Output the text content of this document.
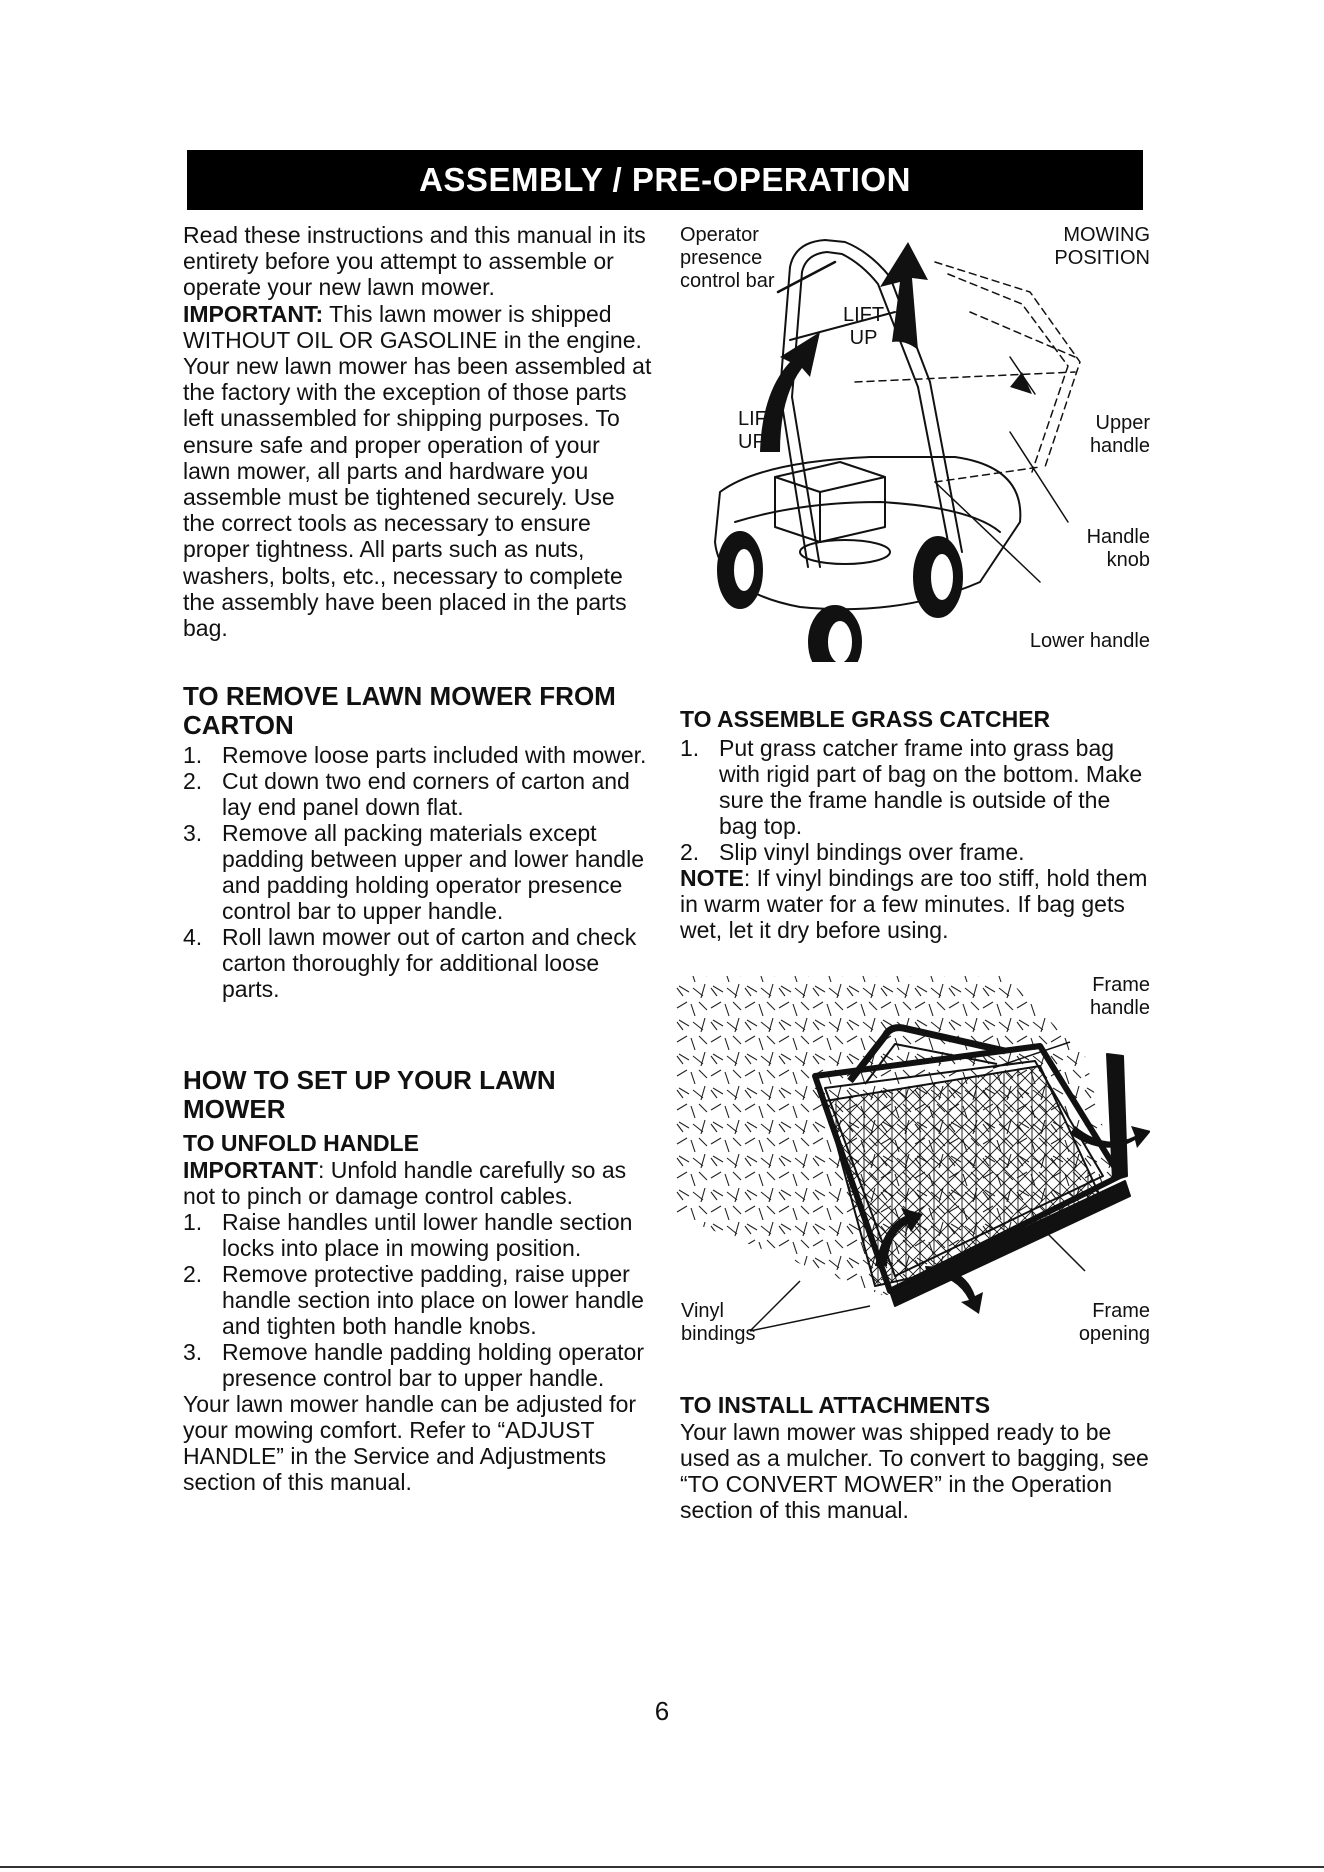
ASSEMBLY / PRE-OPERATION

Read these instructions and this manual in its entirety before you attempt to assemble or operate your new lawn mower.

IMPORTANT: This lawn mower is shipped WITHOUT OIL OR GASOLINE in the engine.

Your new lawn mower has been assembled at the factory with the exception of those parts left unassembled for shipping purposes. To ensure safe and proper operation of your lawn mower, all parts and hardware you assemble must be tightened securely. Use the correct tools as necessary to ensure proper tightness. All parts such as nuts, washers, bolts, etc., necessary to complete the assembly have been placed in the parts bag.

TO REMOVE LAWN MOWER FROM CARTON
1. Remove loose parts included with mower.
2. Cut down two end corners of carton and lay end panel down flat.
3. Remove all packing materials except padding between upper and lower handle and padding holding operator presence control bar to upper handle.
4. Roll lawn mower out of carton and check carton thoroughly for additional loose parts.
HOW TO SET UP YOUR LAWN MOWER
TO UNFOLD HANDLE

IMPORTANT: Unfold handle carefully so as not to pinch or damage control cables.

1. Raise handles until lower handle section locks into place in mowing position.
2. Remove protective padding, raise upper handle section into place on lower handle and tighten both handle knobs.
3. Remove handle padding holding operator presence control bar to upper handle.

Your lawn mower handle can be adjusted for your mowing comfort. Refer to “ADJUST HANDLE” in the Service and Adjustments section of this manual.

Operator
presence
control bar
MOWING
POSITION
LIFT
UP
LIFT
UP
Upper
handle
Handle
knob
Lower handle
TO ASSEMBLE GRASS CATCHER
1. Put grass catcher frame into grass bag with rigid part of bag on the bottom. Make sure the frame handle is outside of the bag top.
2. Slip vinyl bindings over frame.

NOTE: If vinyl bindings are too stiff, hold them in warm water for a few minutes. If bag gets wet, let it dry before using.

Frame
handle
Vinyl
bindings
Frame
opening
TO INSTALL ATTACHMENTS

Your lawn mower was shipped ready to be used as a mulcher. To convert to bagging, see “TO CONVERT MOWER” in the Operation section of this manual.

6
